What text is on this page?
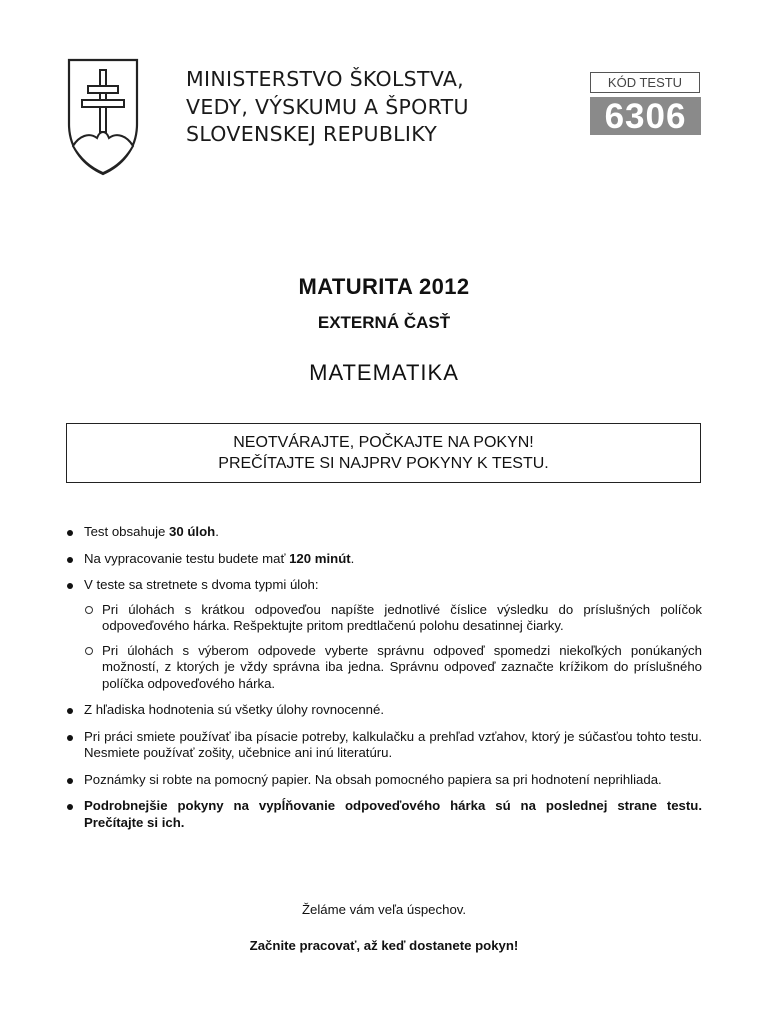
MINISTERSTVO ŠKOLSTVA,
VEDY, VÝSKUMU A ŠPORTU
SLOVENSKEJ REPUBLIKY
KÓD TESTU
6306
MATURITA 2012
EXTERNÁ ČASŤ
MATEMATIKA
NEOTVÁRAJTE, POČKAJTE NA POKYN!
PREČÍTAJTE SI NAJPRV POKYNY K TESTU.
Test obsahuje 30 úloh.
Na vypracovanie testu budete mať 120 minút.
V teste sa stretnete s dvoma typmi úloh:
Pri úlohách s krátkou odpoveďou napíšte jednotlivé číslice výsledku do príslušných políčok odpoveďového hárka. Rešpektujte pritom predtlačenú polohu desatinnej čiarky.
Pri úlohách s výberom odpovede vyberte správnu odpoveď spomedzi niekoľkých ponúkaných možností, z ktorých je vždy správna iba jedna. Správnu odpoveď zaznačte krížikom do príslušného políčka odpoveďového hárka.
Z hľadiska hodnotenia sú všetky úlohy rovnocenné.
Pri práci smiete používať iba písacie potreby, kalkulačku a prehľad vzťahov, ktorý je súčasťou tohto testu. Nesmiete používať zošity, učebnice ani inú literatúru.
Poznámky si robte na pomocný papier. Na obsah pomocného papiera sa pri hodnotení neprihliada.
Podrobnejšie pokyny na vypĺňovanie odpoveďového hárka sú na poslednej strane testu. Prečítajte si ich.
Želáme vám veľa úspechov.
Začnite pracovať, až keď dostanete pokyn!
